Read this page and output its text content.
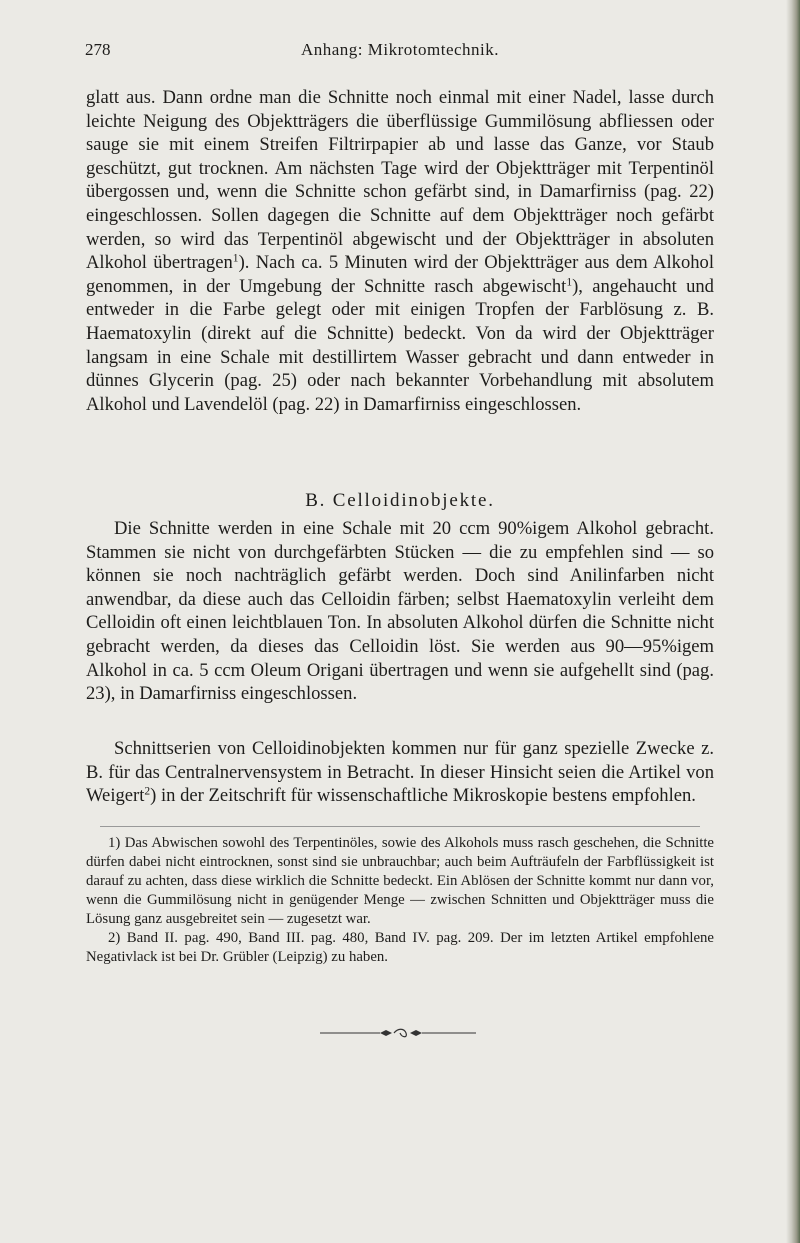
278	Anhang: Mikrotomtechnik.

glatt aus. Dann ordne man die Schnitte noch einmal mit einer Nadel, lasse durch leichte Neigung des Objektträgers die überflüssige Gummilösung abfliessen oder sauge sie mit einem Streifen Filtrirpapier ab und lasse das Ganze, vor Staub geschützt, gut trocknen. Am nächsten Tage wird der Objektträger mit Terpentinöl übergossen und, wenn die Schnitte schon gefärbt sind, in Damarfirniss (pag. 22) eingeschlossen. Sollen dagegen die Schnitte auf dem Objektträger noch gefärbt werden, so wird das Terpentinöl abgewischt und der Objektträger in absoluten Alkohol übertragen$^1$). Nach ca. 5 Minuten wird der Objektträger aus dem Alkohol genommen, in der Umgebung der Schnitte rasch abgewischt$^1$), angehaucht und entweder in die Farbe gelegt oder mit einigen Tropfen der Farblösung z. B. Haematoxylin (direkt auf die Schnitte) bedeckt. Von da wird der Objektträger langsam in eine Schale mit destillirtem Wasser gebracht und dann entweder in dünnes Glycerin (pag. 25) oder nach bekannter Vorbehandlung mit absolutem Alkohol und Lavendelöl (pag. 22) in Damarfirniss eingeschlossen.

B. Celloidinobjekte.

Die Schnitte werden in eine Schale mit 20 ccm 90%igem Alkohol gebracht. Stammen sie nicht von durchgefärbten Stücken — die zu empfehlen sind — so können sie noch nachträglich gefärbt werden. Doch sind Anilinfarben nicht anwendbar, da diese auch das Celloidin färben; selbst Haematoxylin verleiht dem Celloidin oft einen leichtblauen Ton. In absoluten Alkohol dürfen die Schnitte nicht gebracht werden, da dieses das Celloidin löst. Sie werden aus 90—95%igem Alkohol in ca. 5 ccm Oleum Origani übertragen und wenn sie aufgehellt sind (pag. 23), in Damarfirniss eingeschlossen.

Schnittserien von Celloidinobjekten kommen nur für ganz spezielle Zwecke z. B. für das Centralnervensystem in Betracht. In dieser Hinsicht seien die Artikel von Weigert$^2$) in der Zeitschrift für wissenschaftliche Mikroskopie bestens empfohlen.

1) Das Abwischen sowohl des Terpentinöles, sowie des Alkohols muss rasch geschehen, die Schnitte dürfen dabei nicht eintrocknen, sonst sind sie unbrauchbar; auch beim Aufträufeln der Farbflüssigkeit ist darauf zu achten, dass diese wirklich die Schnitte bedeckt. Ein Ablösen der Schnitte kommt nur dann vor, wenn die Gummilösung nicht in genügender Menge — zwischen Schnitten und Objektträger muss die Lösung ganz ausgebreitet sein — zugesetzt war.

2) Band II. pag. 490, Band III. pag. 480, Band IV. pag. 209. Der im letzten Artikel empfohlene Negativlack ist bei Dr. Grübler (Leipzig) zu haben.
